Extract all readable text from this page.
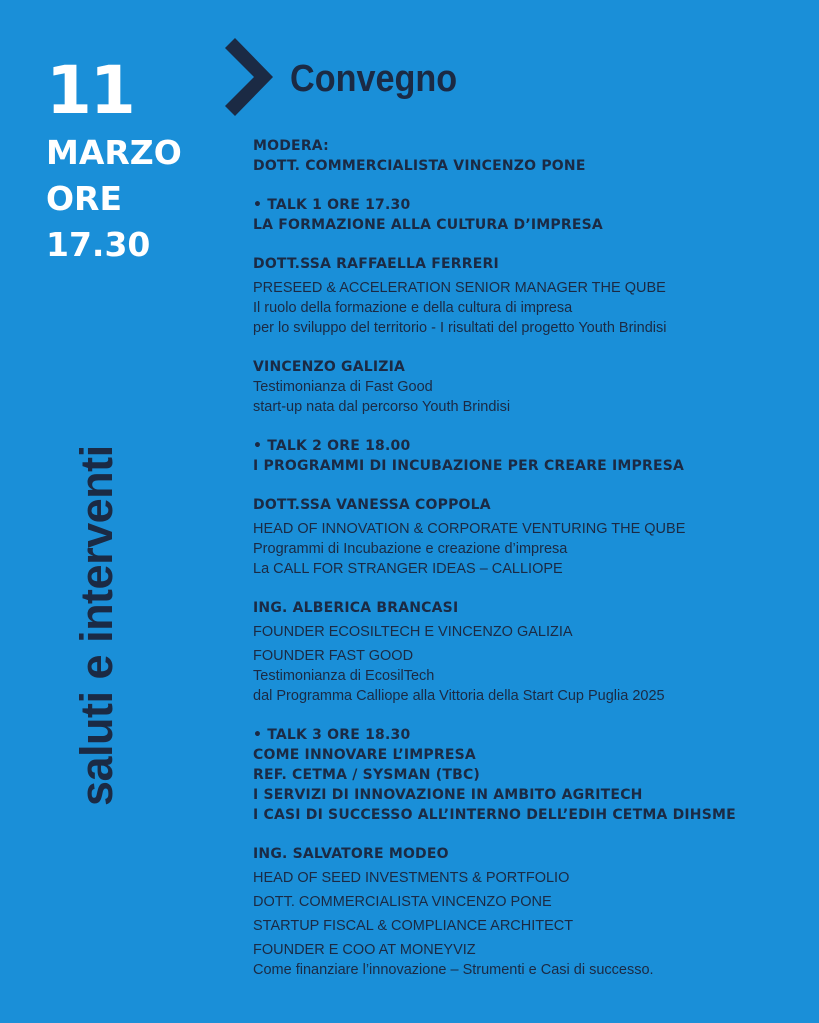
11
MARZO
ORE
17.30
saluti e interventi
Convegno
MODERA:
DOTT. COMMERCIALISTA VINCENZO PONE
• TALK 1 ORE 17.30
LA FORMAZIONE ALLA CULTURA D’IMPRESA
DOTT.SSA RAFFAELLA FERRERI
PRESEED & ACCELERATION SENIOR MANAGER THE QUBE
Il ruolo della formazione e della cultura di impresa
per lo sviluppo del territorio - I risultati del progetto Youth Brindisi
VINCENZO GALIZIA
Testimonianza di Fast Good
start-up nata dal percorso Youth Brindisi
• TALK 2 ORE 18.00
I PROGRAMMI DI INCUBAZIONE PER CREARE IMPRESA
DOTT.SSA VANESSA COPPOLA
HEAD OF INNOVATION & CORPORATE VENTURING THE QUBE
Programmi di Incubazione e creazione d’impresa
La CALL FOR STRANGER IDEAS – CALLIOPE
ING. ALBERICA BRANCASI
FOUNDER ECOSILTECH E VINCENZO GALIZIA
FOUNDER FAST GOOD
Testimonianza di EcosilTech
dal Programma Calliope alla Vittoria della Start Cup Puglia 2025
• TALK 3 ORE 18.30
COME INNOVARE L’IMPRESA
REF. CETMA / SYSMAN (TBC)
I SERVIZI DI INNOVAZIONE IN AMBITO AGRITECH
I CASI DI SUCCESSO ALL’INTERNO DELL’EDIH CETMA DIHSME
ING. SALVATORE MODEO
HEAD OF SEED INVESTMENTS & PORTFOLIO
DOTT. COMMERCIALISTA VINCENZO PONE
STARTUP FISCAL & COMPLIANCE ARCHITECT
FOUNDER E COO AT MONEYVIZ
Come finanziare l’innovazione – Strumenti e Casi di successo.
